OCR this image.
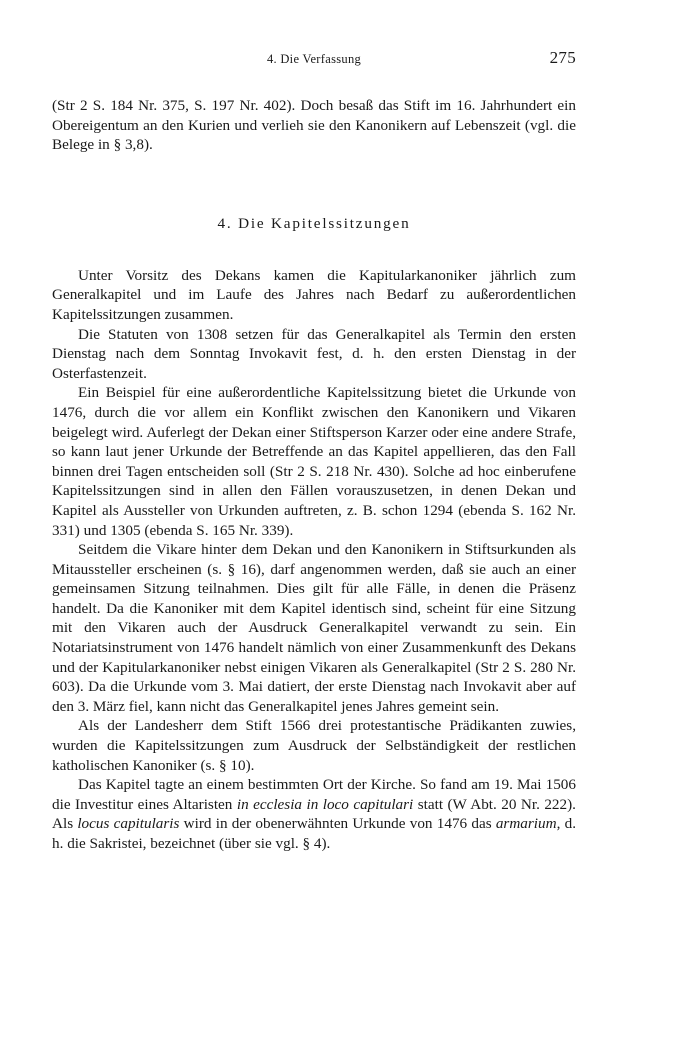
4. Die Verfassung	275

(Str 2 S. 184 Nr. 375, S. 197 Nr. 402). Doch besaß das Stift im 16. Jahrhundert ein Obereigentum an den Kurien und verlieh sie den Kanonikern auf Lebenszeit (vgl. die Belege in § 3,8).

4. Die Kapitelssitzungen

Unter Vorsitz des Dekans kamen die Kapitularkanoniker jährlich zum Generalkapitel und im Laufe des Jahres nach Bedarf zu außerordentlichen Kapitelssitzungen zusammen.

Die Statuten von 1308 setzen für das Generalkapitel als Termin den ersten Dienstag nach dem Sonntag Invokavit fest, d. h. den ersten Dienstag in der Osterfastenzeit.

Ein Beispiel für eine außerordentliche Kapitelssitzung bietet die Urkunde von 1476, durch die vor allem ein Konflikt zwischen den Kanonikern und Vikaren beigelegt wird. Auferlegt der Dekan einer Stiftsperson Karzer oder eine andere Strafe, so kann laut jener Urkunde der Betreffende an das Kapitel appellieren, das den Fall binnen drei Tagen entscheiden soll (Str 2 S. 218 Nr. 430). Solche ad hoc einberufene Kapitelssitzungen sind in allen den Fällen vorauszusetzen, in denen Dekan und Kapitel als Aussteller von Urkunden auftreten, z. B. schon 1294 (ebenda S. 162 Nr. 331) und 1305 (ebenda S. 165 Nr. 339).

Seitdem die Vikare hinter dem Dekan und den Kanonikern in Stiftsurkunden als Mitaussteller erscheinen (s. § 16), darf angenommen werden, daß sie auch an einer gemeinsamen Sitzung teilnahmen. Dies gilt für alle Fälle, in denen die Präsenz handelt. Da die Kanoniker mit dem Kapitel identisch sind, scheint für eine Sitzung mit den Vikaren auch der Ausdruck Generalkapitel verwandt zu sein. Ein Notariatsinstrument von 1476 handelt nämlich von einer Zusammenkunft des Dekans und der Kapitularkanoniker nebst einigen Vikaren als Generalkapitel (Str 2 S. 280 Nr. 603). Da die Urkunde vom 3. Mai datiert, der erste Dienstag nach Invokavit aber auf den 3. März fiel, kann nicht das Generalkapitel jenes Jahres gemeint sein.

Als der Landesherr dem Stift 1566 drei protestantische Prädikanten zuwies, wurden die Kapitelssitzungen zum Ausdruck der Selbständigkeit der restlichen katholischen Kanoniker (s. § 10).

Das Kapitel tagte an einem bestimmten Ort der Kirche. So fand am 19. Mai 1506 die Investitur eines Altaristen in ecclesia in loco capitulari statt (W Abt. 20 Nr. 222). Als locus capitularis wird in der obenerwähnten Urkunde von 1476 das armarium, d. h. die Sakristei, bezeichnet (über sie vgl. § 4).
